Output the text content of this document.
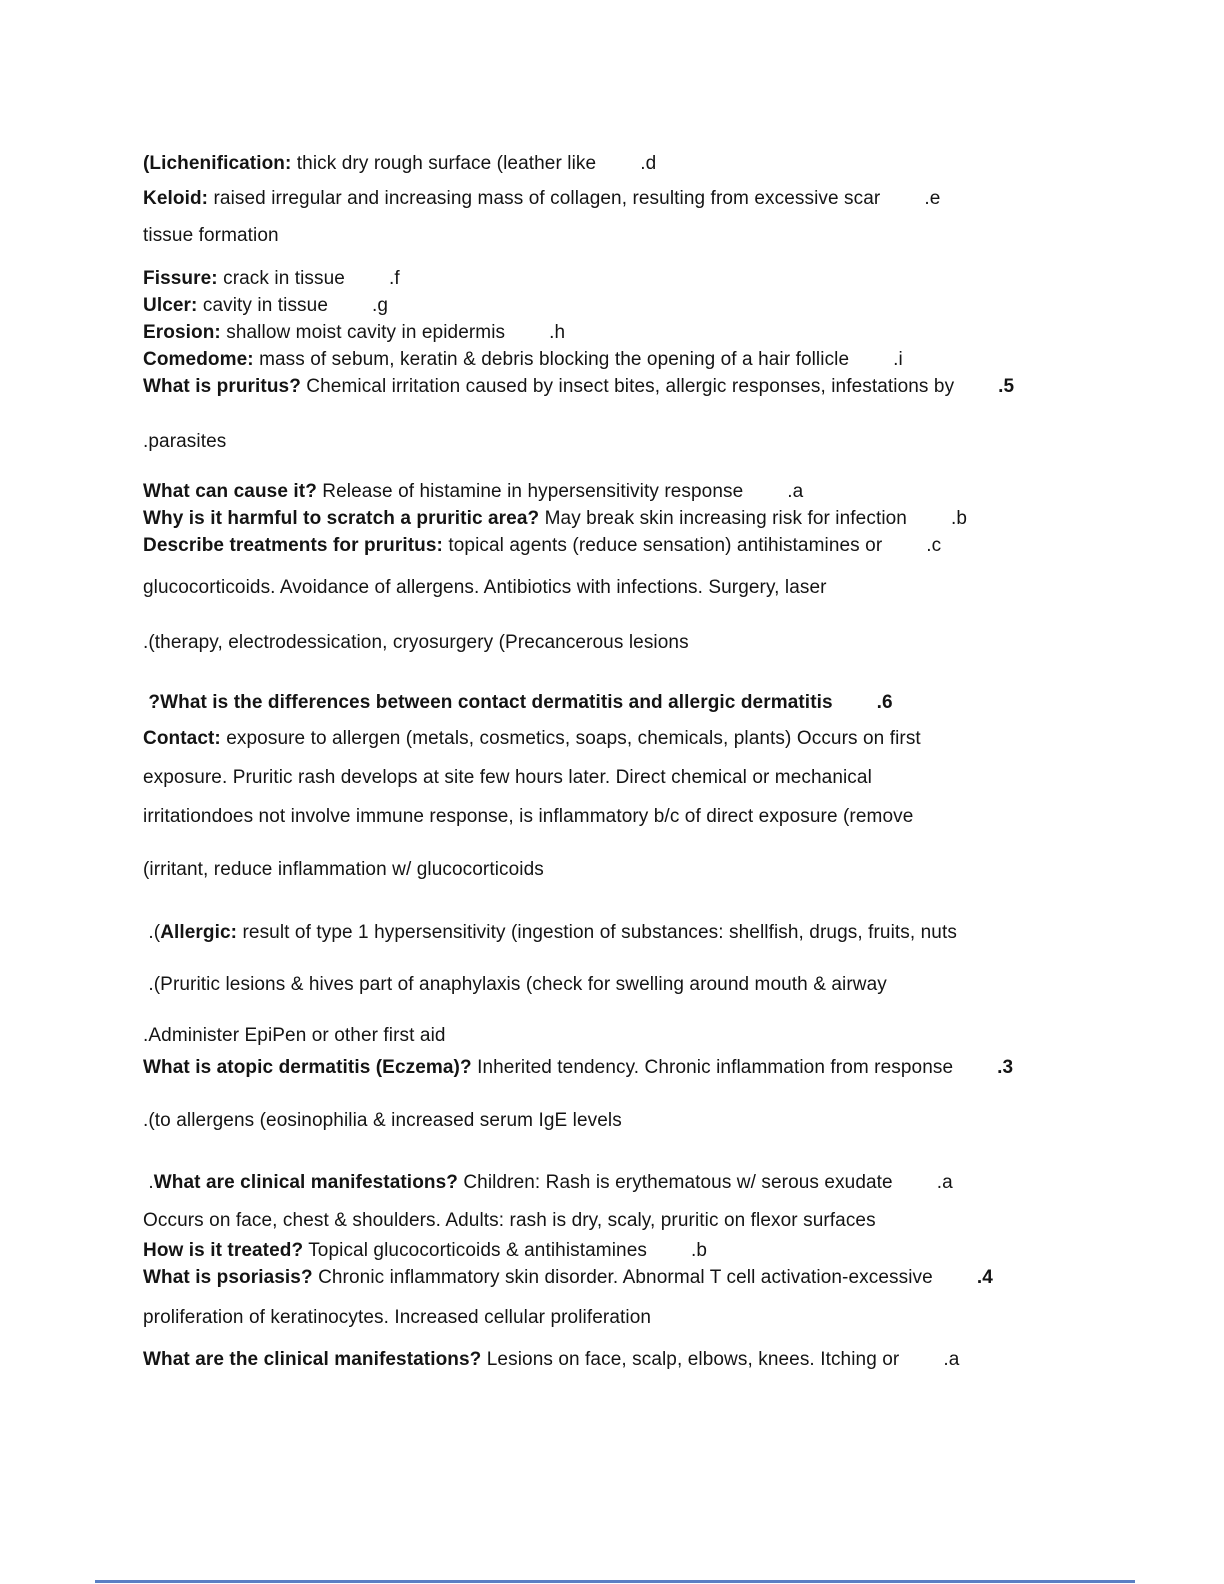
(Lichenification: thick dry rough surface (leather like .d
Keloid: raised irregular and increasing mass of collagen, resulting from excessive scar .e
tissue formation
Fissure: crack in tissue .f
Ulcer: cavity in tissue .g
Erosion: shallow moist cavity in epidermis .h
Comedome: mass of sebum, keratin & debris blocking the opening of a hair follicle .i
What is pruritus? Chemical irritation caused by insect bites, allergic responses, infestations by .5
.parasites
What can cause it? Release of histamine in hypersensitivity response .a
Why is it harmful to scratch a pruritic area? May break skin increasing risk for infection .b
Describe treatments for pruritus: topical agents (reduce sensation) antihistamines or .c
glucocorticoids. Avoidance of allergens. Antibiotics with infections. Surgery, laser
.(therapy, electrodessication, cryosurgery (Precancerous lesions
?What is the differences between contact dermatitis and allergic dermatitis .6
Contact: exposure to allergen (metals, cosmetics, soaps, chemicals, plants) Occurs on first
exposure. Pruritic rash develops at site few hours later. Direct chemical or mechanical
irritationdoes not involve immune response, is inflammatory b/c of direct exposure (remove
(irritant, reduce inflammation w/ glucocorticoids
.(Allergic: result of type 1 hypersensitivity (ingestion of substances: shellfish, drugs, fruits, nuts
.(Pruritic lesions & hives part of anaphylaxis (check for swelling around mouth & airway
.Administer EpiPen or other first aid
What is atopic dermatitis (Eczema)? Inherited tendency. Chronic inflammation from response .3
.(to allergens (eosinophilia & increased serum IgE levels
.What are clinical manifestations? Children: Rash is erythematous w/ serous exudate .a
Occurs on face, chest & shoulders. Adults: rash is dry, scaly, pruritic on flexor surfaces
How is it treated? Topical glucocorticoids & antihistamines .b
What is psoriasis? Chronic inflammatory skin disorder. Abnormal T cell activation-excessive .4
proliferation of keratinocytes. Increased cellular proliferation
What are the clinical manifestations? Lesions on face, scalp, elbows, knees. Itching or .a
